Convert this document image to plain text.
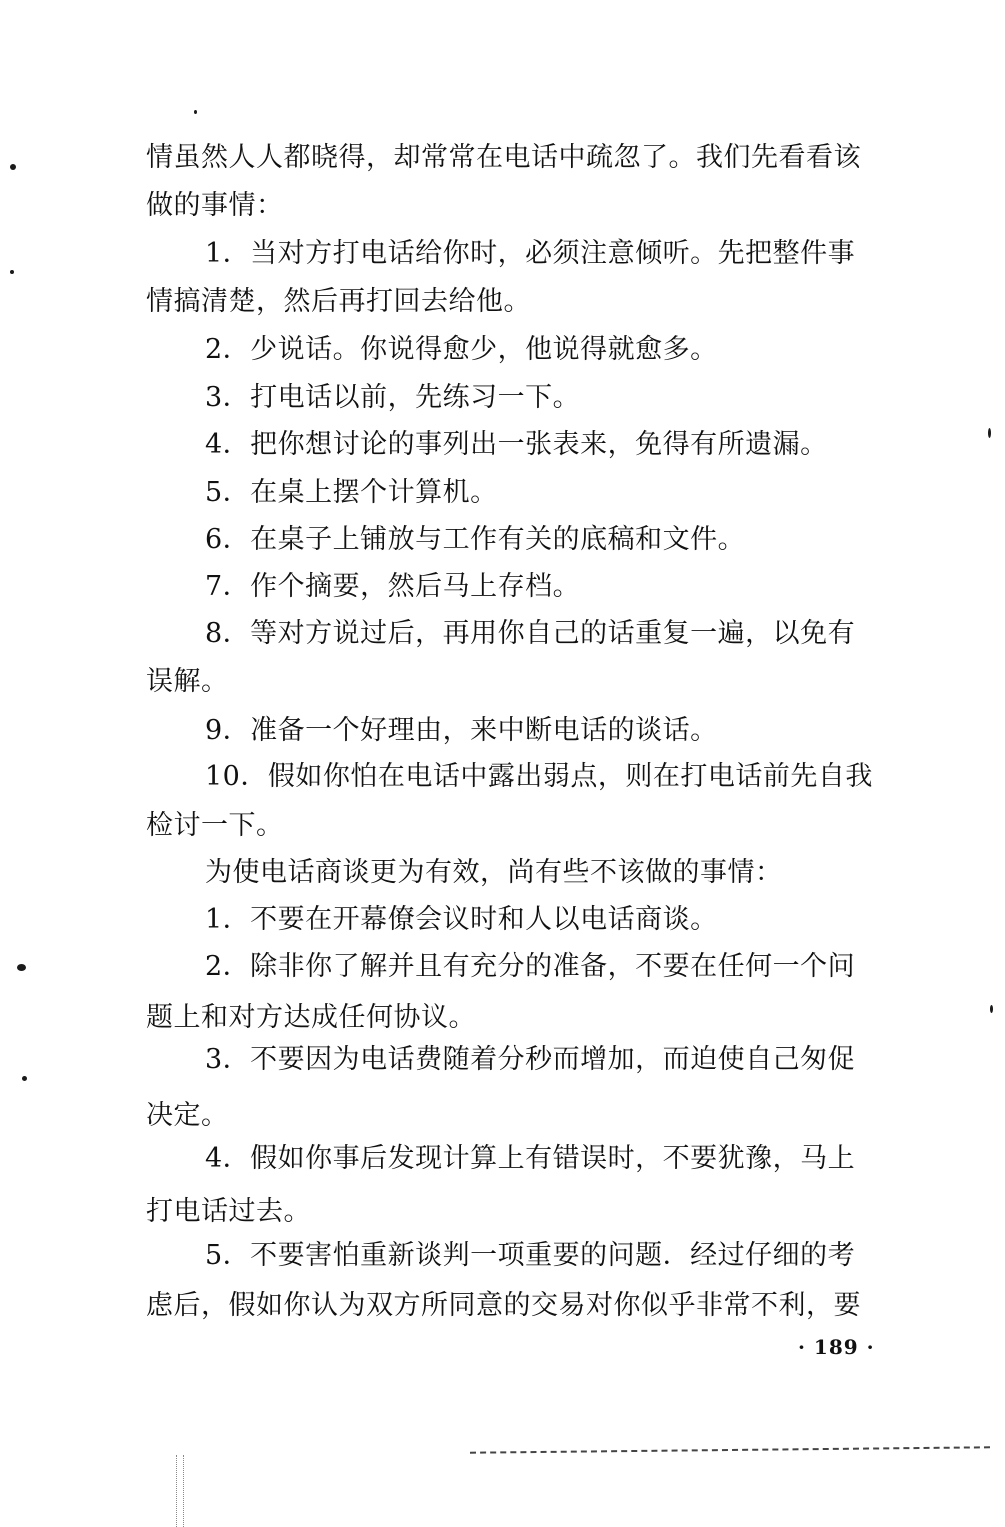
情虽然人人都晓得，却常常在电话中疏忽了。我们先看看该
做的事情：
1．当对方打电话给你时，必须注意倾听。先把整件事
情搞清楚，然后再打回去给他。
2．少说话。你说得愈少，他说得就愈多。
3．打电话以前，先练习一下。
4．把你想讨论的事列出一张表来，免得有所遗漏。
5．在桌上摆个计算机。
6．在桌子上铺放与工作有关的底稿和文件。
7．作个摘要，然后马上存档。
8．等对方说过后，再用你自己的话重复一遍，以免有
误解。
9．准备一个好理由，来中断电话的谈话。
10．假如你怕在电话中露出弱点，则在打电话前先自我
检讨一下。
为使电话商谈更为有效，尚有些不该做的事情：
1．不要在开幕僚会议时和人以电话商谈。
2．除非你了解并且有充分的准备，不要在任何一个问
题上和对方达成任何协议。
3．不要因为电话费随着分秒而增加，而迫使自己匆促
决定。
4．假如你事后发现计算上有错误时，不要犹豫，马上
打电话过去。
5．不要害怕重新谈判一项重要的问题．经过仔细的考
虑后，假如你认为双方所同意的交易对你似乎非常不利，要
· 189 ·
